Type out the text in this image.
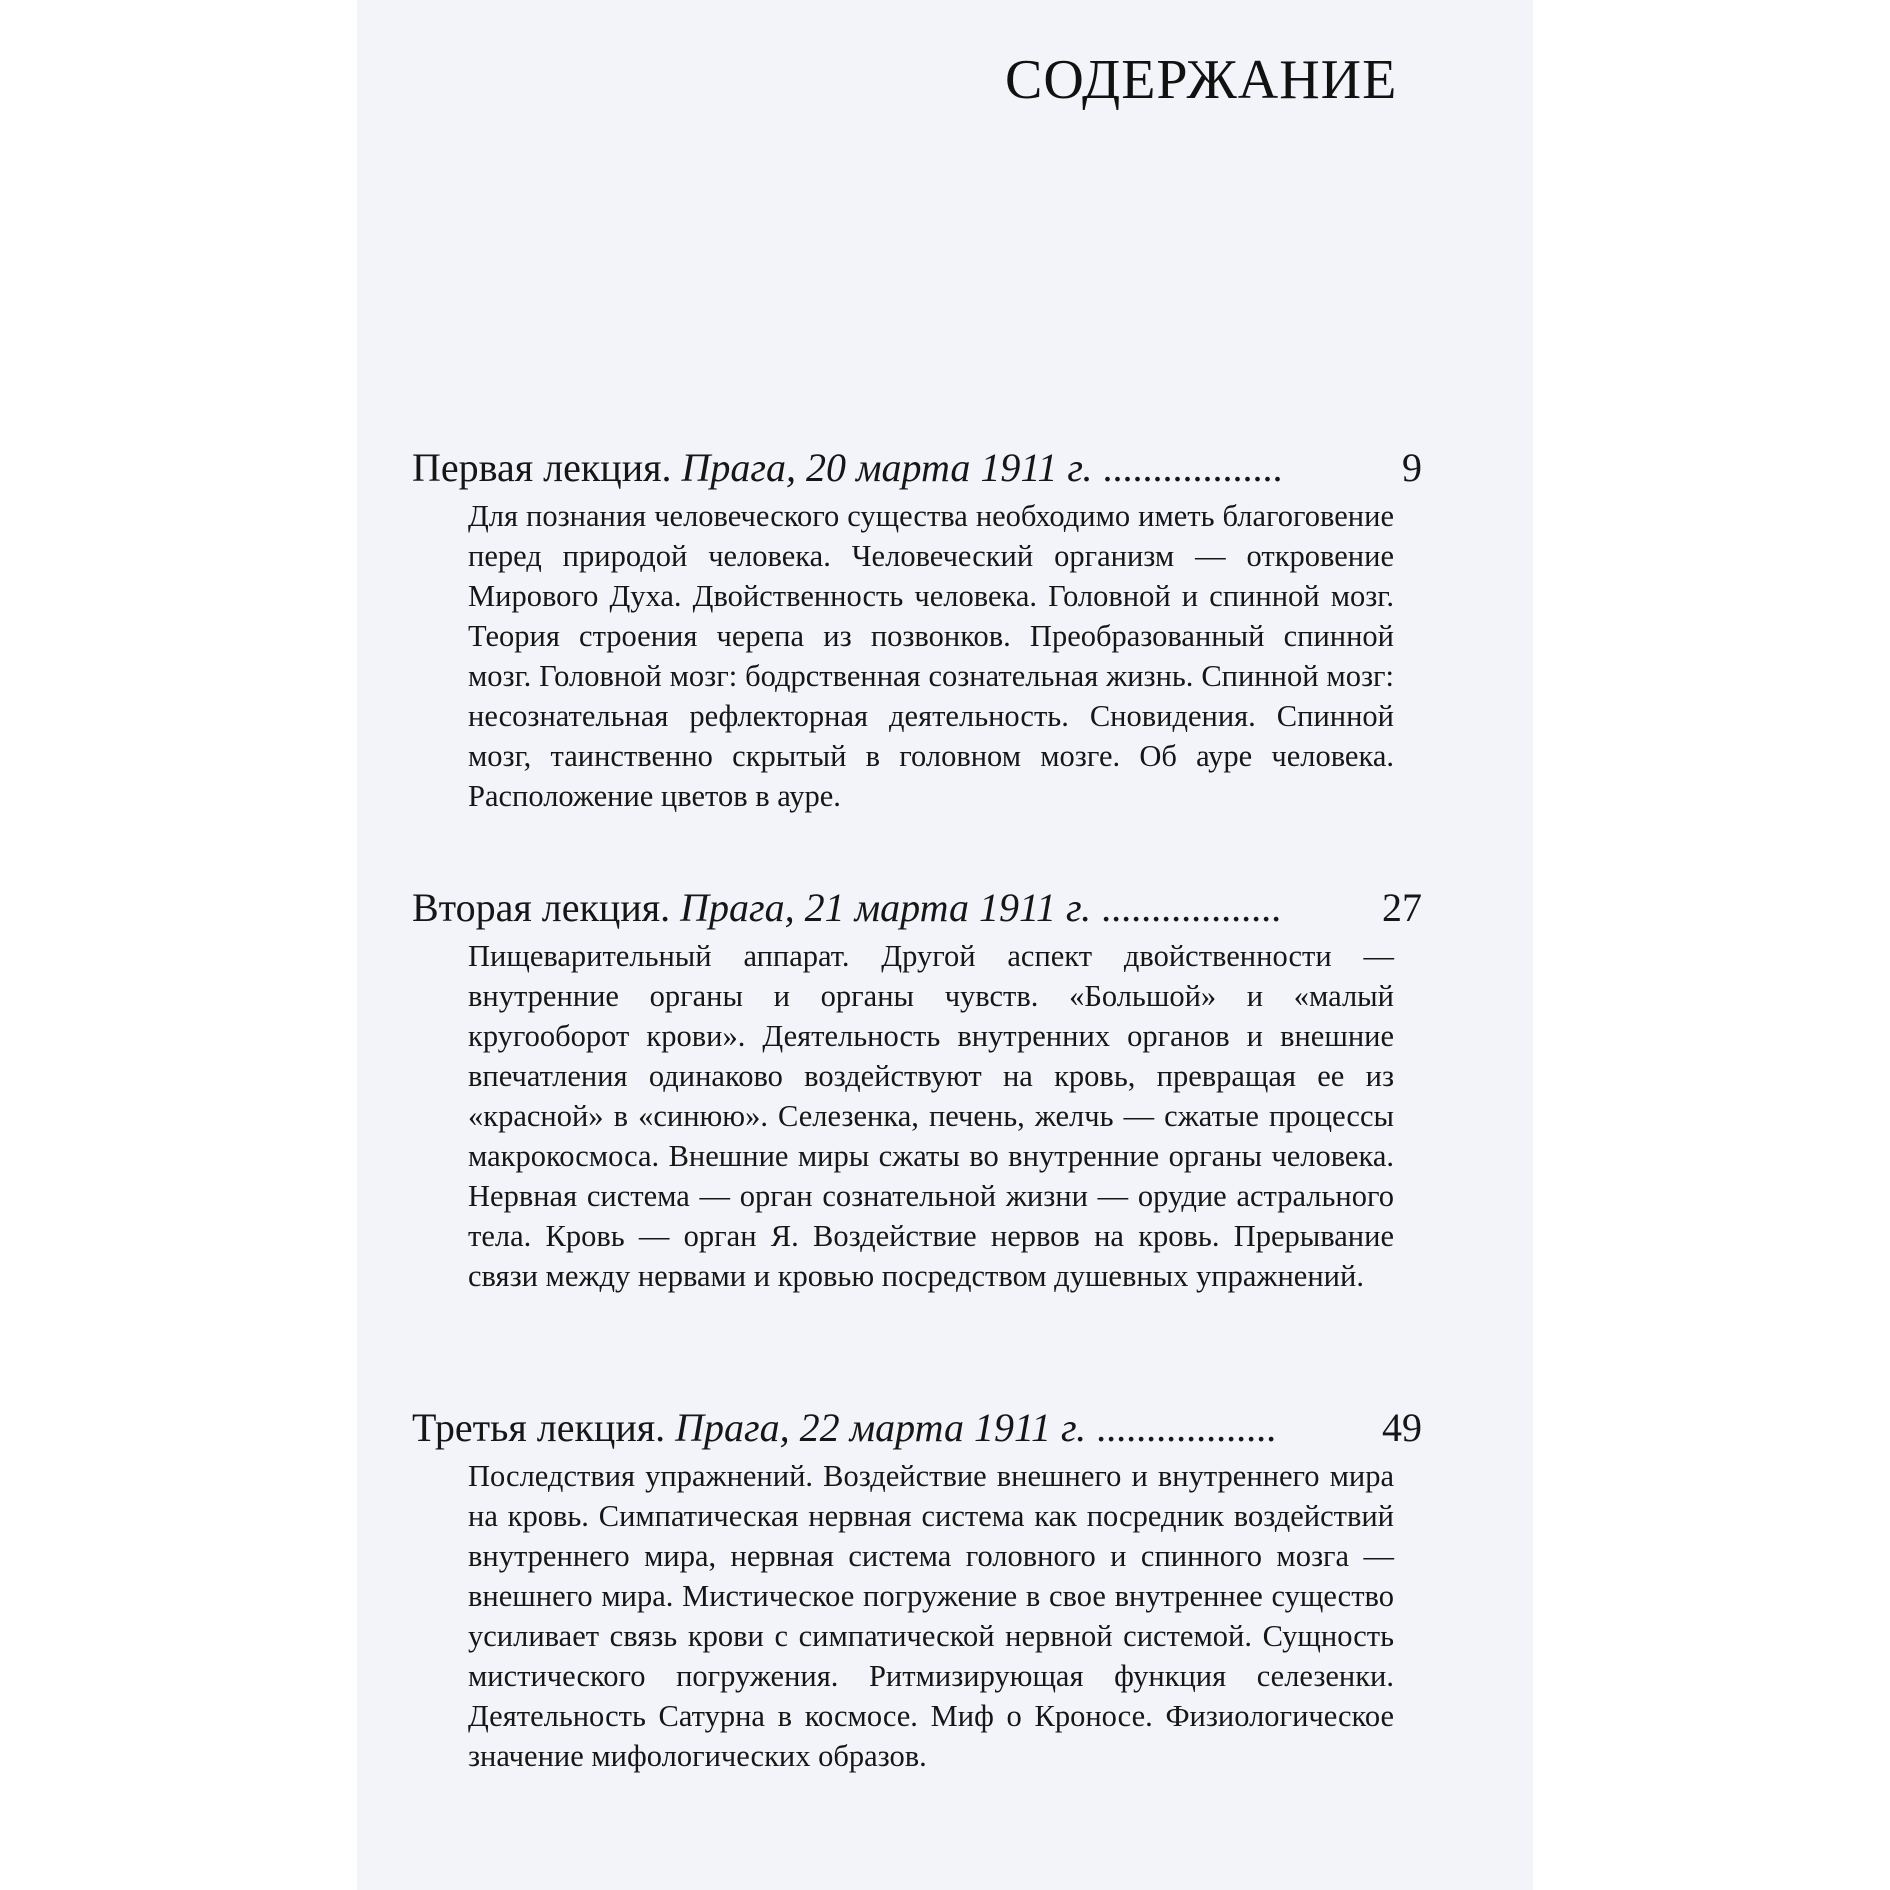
СОДЕРЖАНИЕ
Первая лекция. Прага, 20 марта 1911 г. ..................	9

Для познания человеческого существа необходимо иметь благоговение перед природой человека. Человеческий организм — откровение Мирового Духа. Двойственность человека. Головной и спинной мозг. Теория строения черепа из позвонков. Преобразованный спинной мозг. Головной мозг: бодрственная сознательная жизнь. Спинной мозг: несознательная рефлекторная деятельность. Сновидения. Спинной мозг, таинственно скрытый в головном мозге. Об ауре человека. Расположение цветов в ауре.

Вторая лекция. Прага, 21 марта 1911 г. ..................	27

Пищеварительный аппарат. Другой аспект двойственности — внутренние органы и органы чувств. «Большой» и «малый кругооборот крови». Деятельность внутренних органов и внешние впечатления одинаково воздействуют на кровь, превращая ее из «красной» в «синюю». Селезенка, печень, желчь — сжатые процессы макрокосмоса. Внешние миры сжаты во внутренние органы человека. Нервная система — орган сознательной жизни — орудие астрального тела. Кровь — орган Я. Воздействие нервов на кровь. Прерывание связи между нервами и кровью посредством душевных упражнений.

Третья лекция. Прага, 22 марта 1911 г. ..................	49

Последствия упражнений. Воздействие внешнего и внутреннего мира на кровь. Симпатическая нервная система как посредник воздействий внутреннего мира, нервная система головного и спинного мозга — внешнего мира. Мистическое погружение в свое внутреннее существо усиливает связь крови с симпатической нервной системой. Сущность мистического погружения. Ритмизирующая функция селезенки. Деятельность Сатурна в космосе. Миф о Кроносе. Физиологическое значение мифологических образов.
